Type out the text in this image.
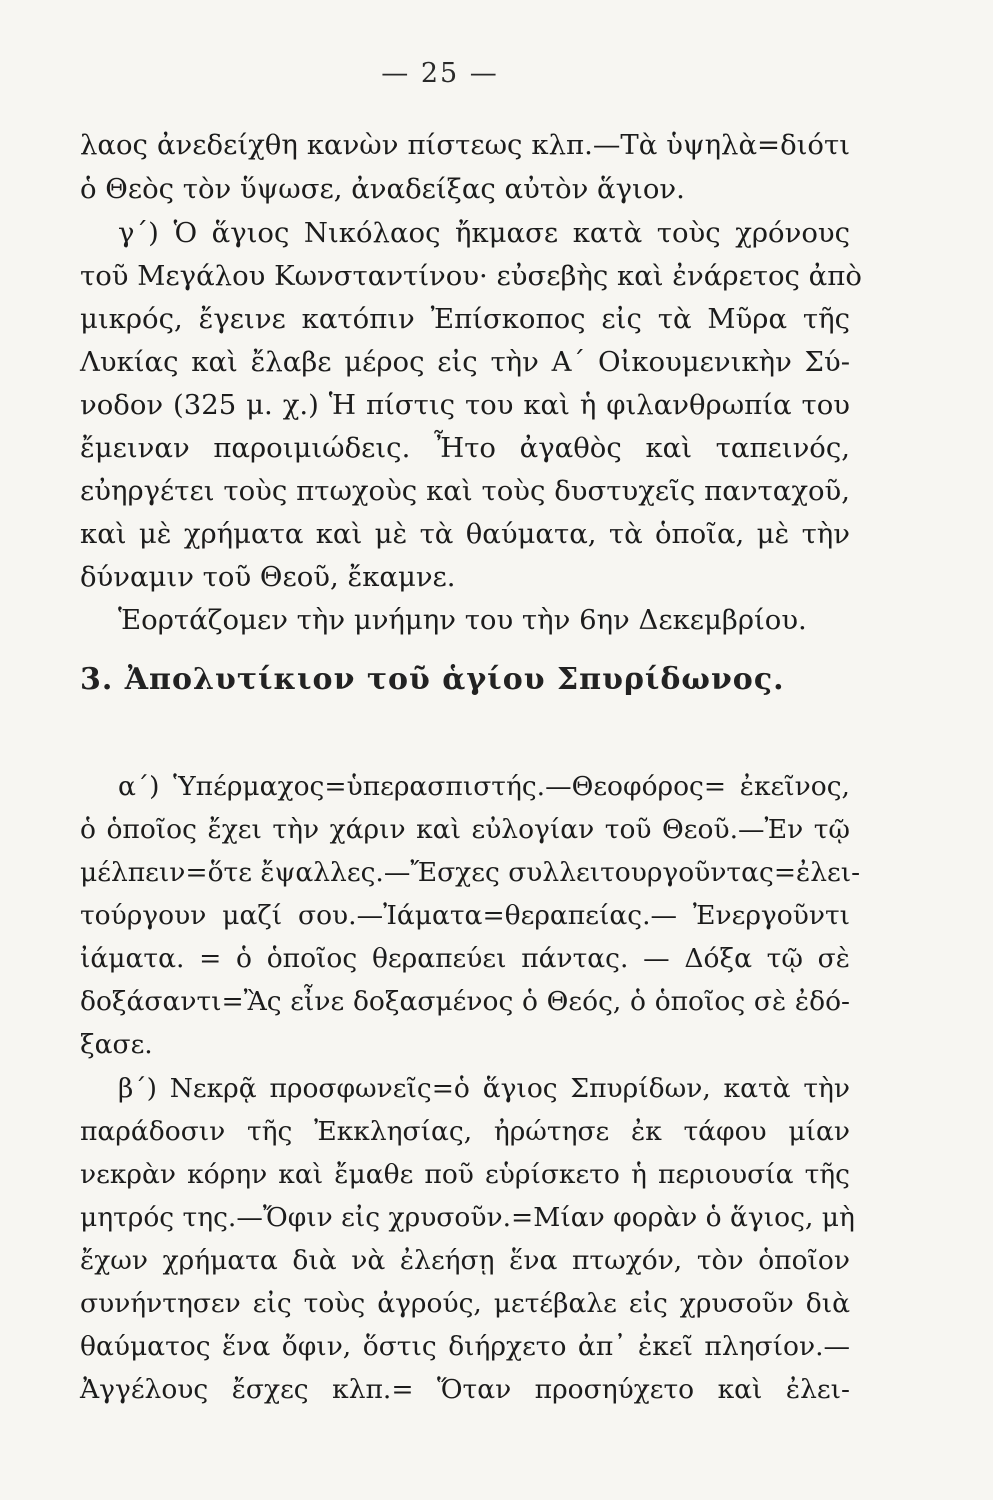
— 25 —
λαος ἀνεδείχθη κανὼν πίστεως κλπ.—Τὰ ὑψηλὰ=διότι
ὁ Θεὸς τὸν ὕψωσε, ἀναδείξας αὐτὸν ἅγιον.
γ΄) Ὁ ἅγιος Νικόλαος ἤκμασε κατὰ τοὺς χρόνους
τοῦ Μεγάλου Κωνσταντίνου· εὐσεβὴς καὶ ἐνάρετος ἀπὸ
μικρός, ἔγεινε κατόπιν Ἐπίσκοπος εἰς τὰ Μῦρα τῆς
Λυκίας καὶ ἔλαβε μέρος εἰς τὴν Α΄ Οἰκουμενικὴν Σύ-
νοδον (325 μ. χ.) Ἡ πίστις του καὶ ἡ φιλανθρωπία του
ἔμειναν παροιμιώδεις. Ἦτο ἀγαθὸς καὶ ταπεινός,
εὐηργέτει τοὺς πτωχοὺς καὶ τοὺς δυστυχεῖς πανταχοῦ,
καὶ μὲ χρήματα καὶ μὲ τὰ θαύματα, τὰ ὁποῖα, μὲ τὴν
δύναμιν τοῦ Θεοῦ, ἔκαμνε.
Ἑορτάζομεν τὴν μνήμην του τὴν 6ην Δεκεμβρίου.
3. Ἀπολυτίκιον τοῦ ἁγίου Σπυρίδωνος.
α΄) Ὑπέρμαχος=ὑπερασπιστής.—Θεοφόρος= ἐκεῖνος,
ὁ ὁποῖος ἔχει τὴν χάριν καὶ εὐλογίαν τοῦ Θεοῦ.—Ἐν τῷ
μέλπειν=ὅτε ἔψαλλες.—Ἔσχες συλλειτουργοῦντας=ἐλει-
τούργουν μαζί σου.—Ἰάματα=θεραπείας.— Ἐνεργοῦντι
ἰάματα. = ὁ ὁποῖος θεραπεύει πάντας. — Δόξα τῷ σὲ
δοξάσαντι=Ἂς εἶνε δοξασμένος ὁ Θεός, ὁ ὁποῖος σὲ ἐδό-
ξασε.
β΄) Νεκρᾷ προσφωνεῖς=ὁ ἅγιος Σπυρίδων, κατὰ τὴν
παράδοσιν τῆς Ἐκκλησίας, ἠρώτησε ἐκ τάφου μίαν
νεκρὰν κόρην καὶ ἔμαθε ποῦ εὑρίσκετο ἡ περιουσία τῆς
μητρός της.—Ὄφιν εἰς χρυσοῦν.=Μίαν φορὰν ὁ ἅγιος, μὴ
ἔχων χρήματα διὰ νὰ ἐλεήσῃ ἕνα πτωχόν, τὸν ὁποῖον
συνήντησεν εἰς τοὺς ἀγρούς, μετέβαλε εἰς χρυσοῦν διὰ
θαύματος ἕνα ὄφιν, ὅστις διήρχετο ἀπ᾿ ἐκεῖ πλησίον.—
Ἀγγέλους ἔσχες κλπ.= Ὅταν προσηύχετο καὶ ἐλει-
